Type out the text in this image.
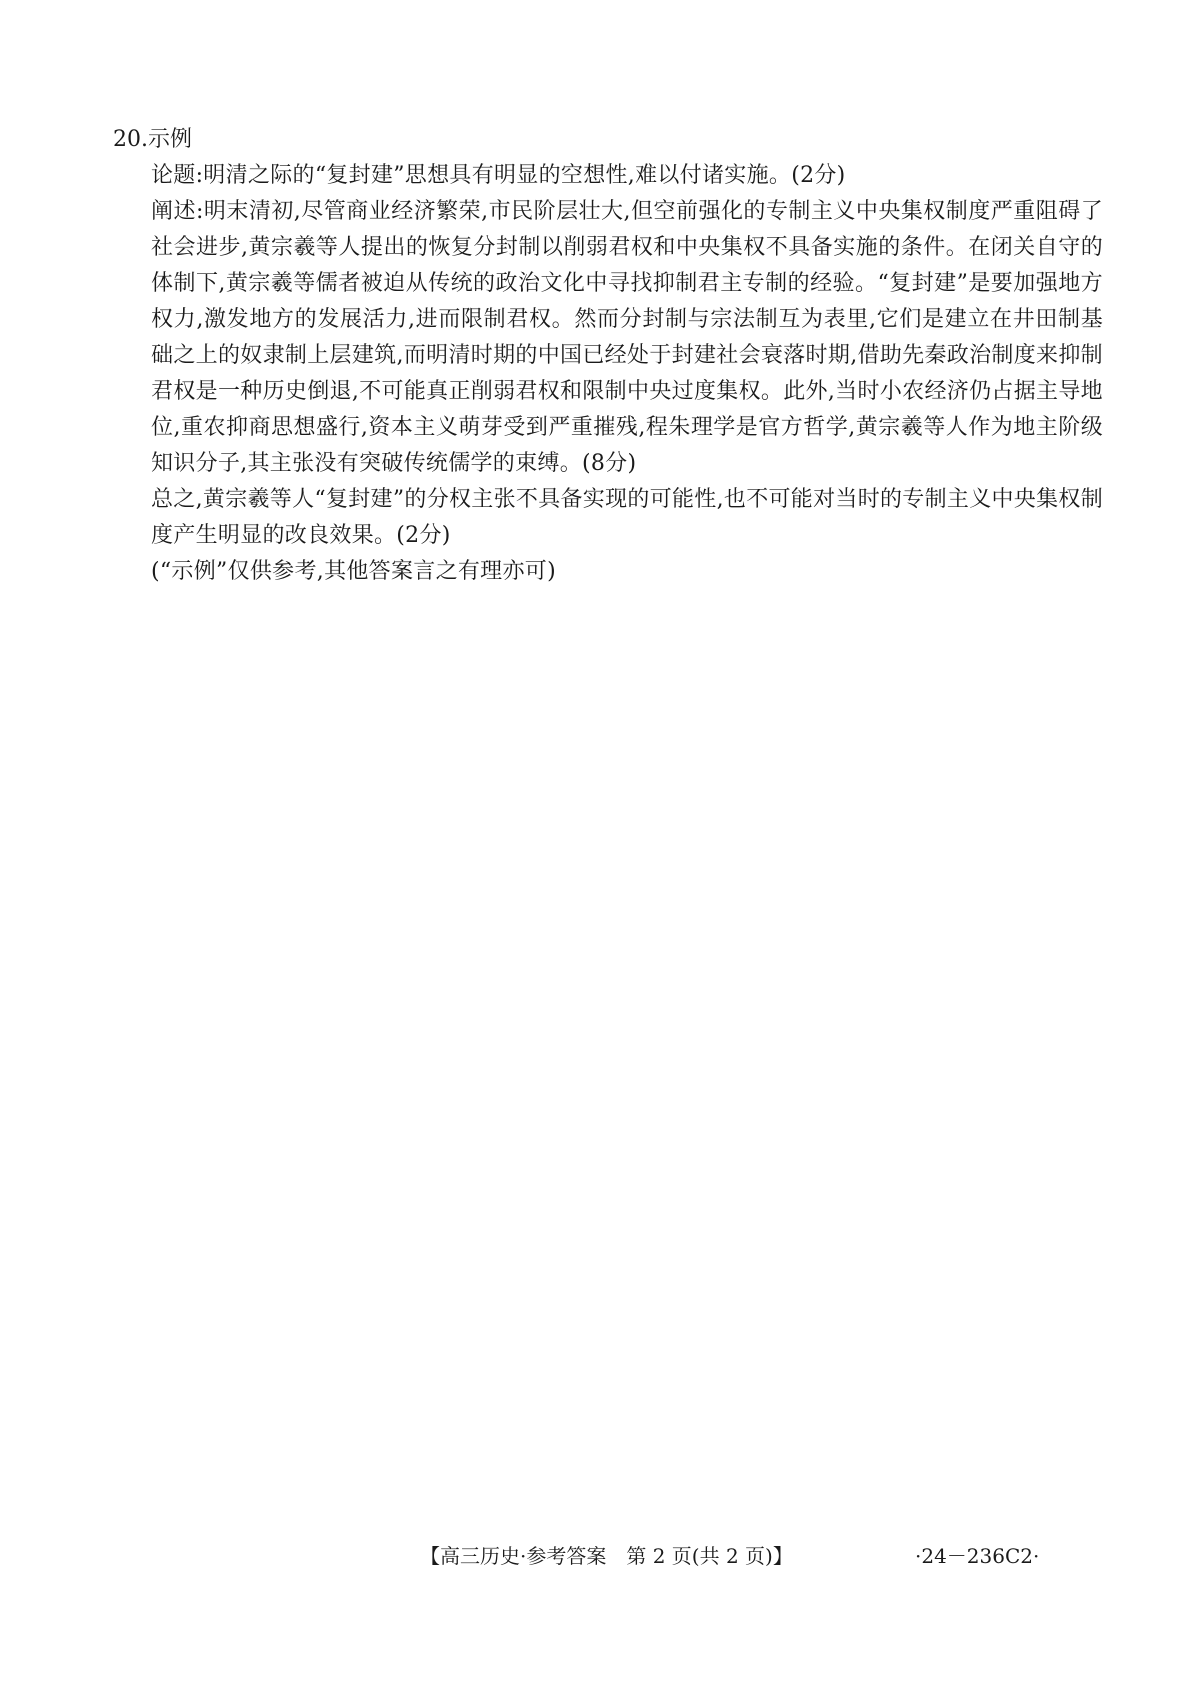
20.示例

论题:明清之际的“复封建”思想具有明显的空想性,难以付诸实施。(2分)

阐述:明末清初,尽管商业经济繁荣,市民阶层壮大,但空前强化的专制主义中央集权制度严重阻碍了社会进步,黄宗羲等人提出的恢复分封制以削弱君权和中央集权不具备实施的条件。在闭关自守的体制下,黄宗羲等儒者被迫从传统的政治文化中寻找抑制君主专制的经验。“复封建”是要加强地方权力,激发地方的发展活力,进而限制君权。然而分封制与宗法制互为表里,它们是建立在井田制基础之上的奴隶制上层建筑,而明清时期的中国已经处于封建社会衰落时期,借助先秦政治制度来抑制君权是一种历史倒退,不可能真正削弱君权和限制中央过度集权。此外,当时小农经济仍占据主导地位,重农抑商思想盛行,资本主义萌芽受到严重摧残,程朱理学是官方哲学,黄宗羲等人作为地主阶级知识分子,其主张没有突破传统儒学的束缚。(8分)

总之,黄宗羲等人“复封建”的分权主张不具备实现的可能性,也不可能对当时的专制主义中央集权制度产生明显的改良效果。(2分)

(“示例”仅供参考,其他答案言之有理亦可)

【高三历史·参考答案　第 2 页(共 2 页)】	·24－236C2·
